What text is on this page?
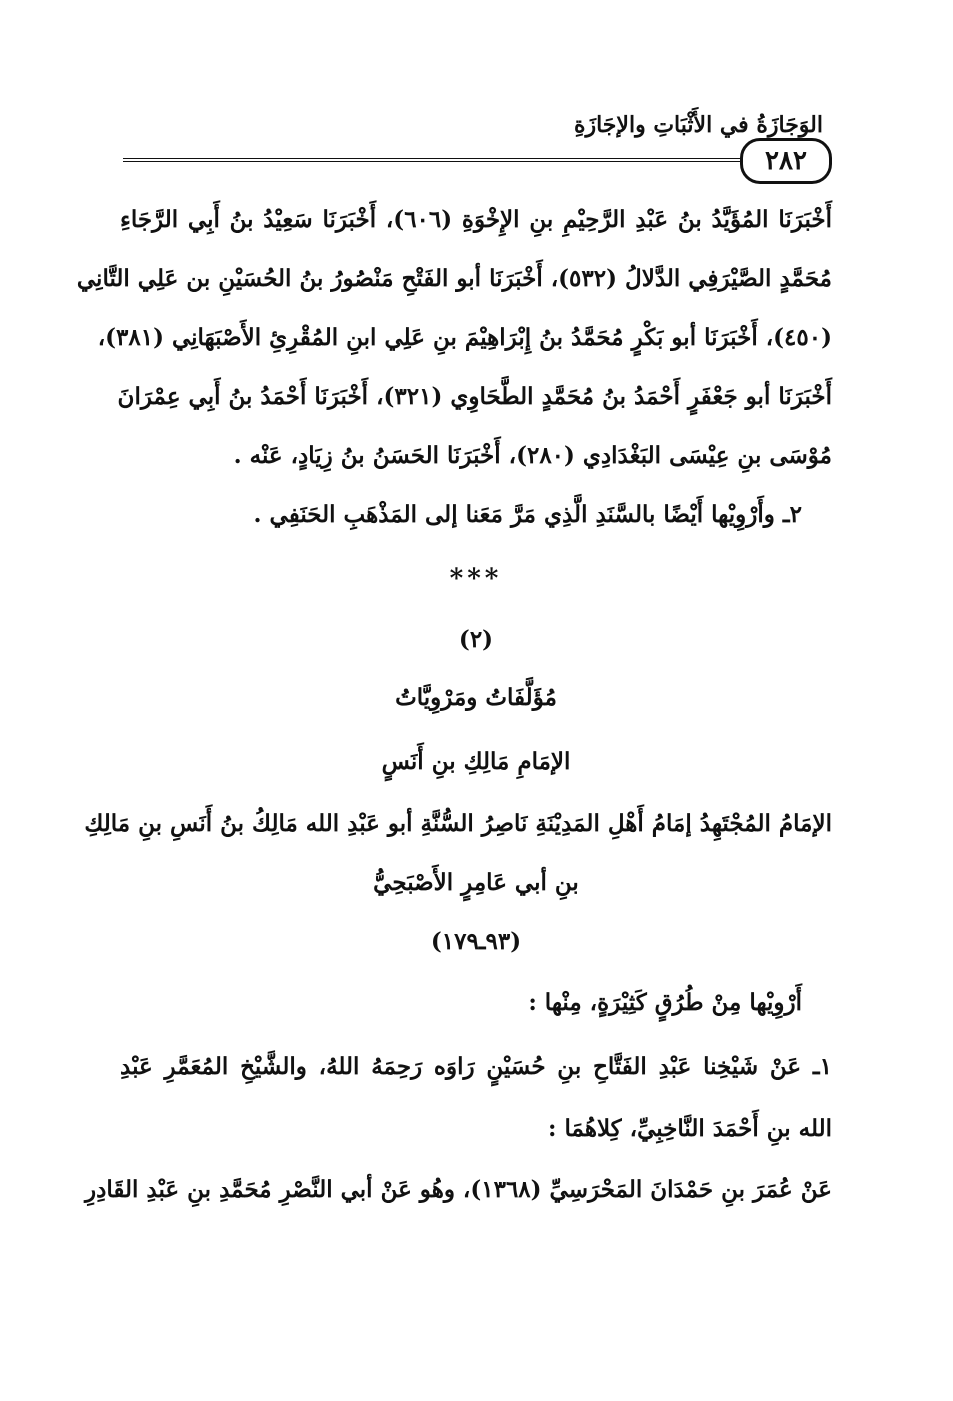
الوَجَازَةُ في الأَثْبَاتِ والإجَازَةِ
٢٨٢
أَخْبَرَنَا المُؤَيَّدُ بنُ عَبْدِ الرَّحِيْمِ بنِ الإِخْوَةِ (٦٠٦)، أَخْبَرَنَا سَعِيْدُ بنُ أَبِي الرَّجَاءِ
مُحَمَّدٍ الصَّيْرَفِي الدَّلالُ (٥٣٢)، أَخْبَرَنَا أبو الفَتْحِ مَنْصُورُ بنُ الحُسَيْنِ بن عَلِي التَّانِي
(٤٥٠)، أَخْبَرَنَا أبو بَكْرٍ مُحَمَّدُ بنُ إِبْرَاهِيْمَ بنِ عَلِي ابنِ المُقْرِئِ الأَصْبَهَانِي (٣٨١)،
أَخْبَرَنَا أبو جَعْفَرٍ أَحْمَدُ بنُ مُحَمَّدٍ الطَّحَاوِي (٣٢١)، أَخْبَرَنَا أَحْمَدُ بنُ أَبِي عِمْرَانَ
مُوْسَى بنِ عِيْسَى البَغْدَادِي (٢٨٠)، أَخْبَرَنَا الحَسَنُ بنُ زِيَادٍ، عَنْه .
٢ـ وأَرْوِيْها أَيْضًا بالسَّنَدِ الَّذِي مَرَّ مَعَنا إلى المَذْهَبِ الحَنَفِي .
***
(٢)
مُؤَلَّفَاتُ ومَرْوِيَّاتُ
الإمَامِ مَالِكِ بنِ أَنَسٍ
الإمَامُ المُجْتَهِدُ إمَامُ أَهْلِ المَدِيْنَةِ نَاصِرُ السُّنَّةِ أبو عَبْدِ الله مَالِكُ بنُ أَنَسِ بنِ مَالِكِ
بنِ أبي عَامِرٍ الأَصْبَحِيُّ
(٩٣ـ١٧٩)
أَرْوِيْها مِنْ طُرُقٍ كَثِيْرَةٍ، مِنْها :
١ـ عَنْ شَيْخِنا عَبْدِ الفَتَّاحِ بنِ حُسَيْنٍ رَاوَه رَحِمَهُ اللهُ، والشَّيْخِ المُعَمَّرِ عَبْدِ
الله بنِ أَحْمَدَ النَّاخِبِيِّ، كِلاهُمَا :
عَنْ عُمَرَ بنِ حَمْدَانَ المَحْرَسِيِّ (١٣٦٨)، وهُو عَنْ أبي النَّصْرِ مُحَمَّدِ بنِ عَبْدِ القَادِرِ
